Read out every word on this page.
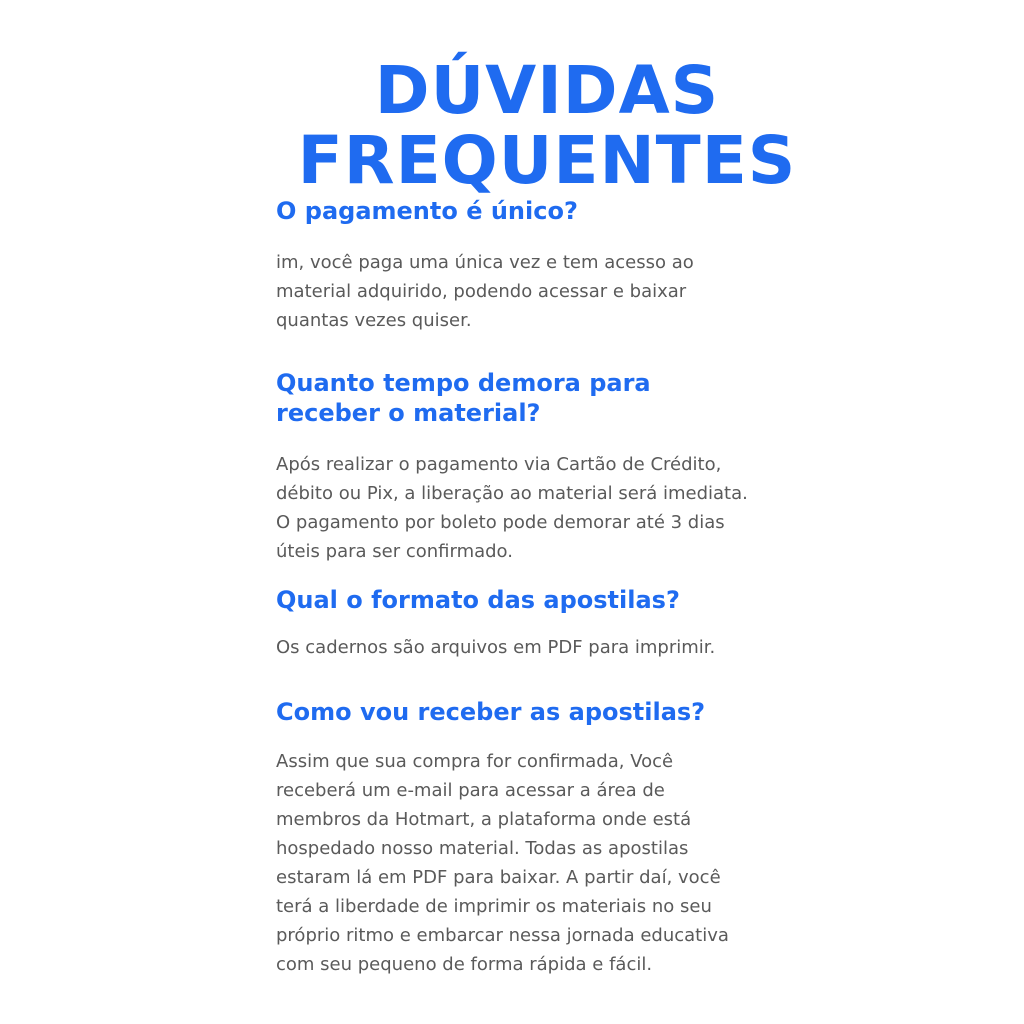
DÚVIDAS
FREQUENTES
O pagamento é único?

im, você paga uma única vez e tem acesso ao
material adquirido, podendo acessar e baixar
quantas vezes quiser.

Quanto tempo demora para
receber o material?

Após realizar o pagamento via Cartão de Crédito,
débito ou Pix, a liberação ao material será imediata.
O pagamento por boleto pode demorar até 3 dias
úteis para ser confirmado.

Qual o formato das apostilas?

Os cadernos são arquivos em PDF para imprimir.

Como vou receber as apostilas?

Assim que sua compra for confirmada, Você
receberá um e-mail para acessar a área de
membros da Hotmart, a plataforma onde está
hospedado nosso material. Todas as apostilas
estaram lá em PDF para baixar. A partir daí, você
terá a liberdade de imprimir os materiais no seu
próprio ritmo e embarcar nessa jornada educativa
com seu pequeno de forma rápida e fácil.
